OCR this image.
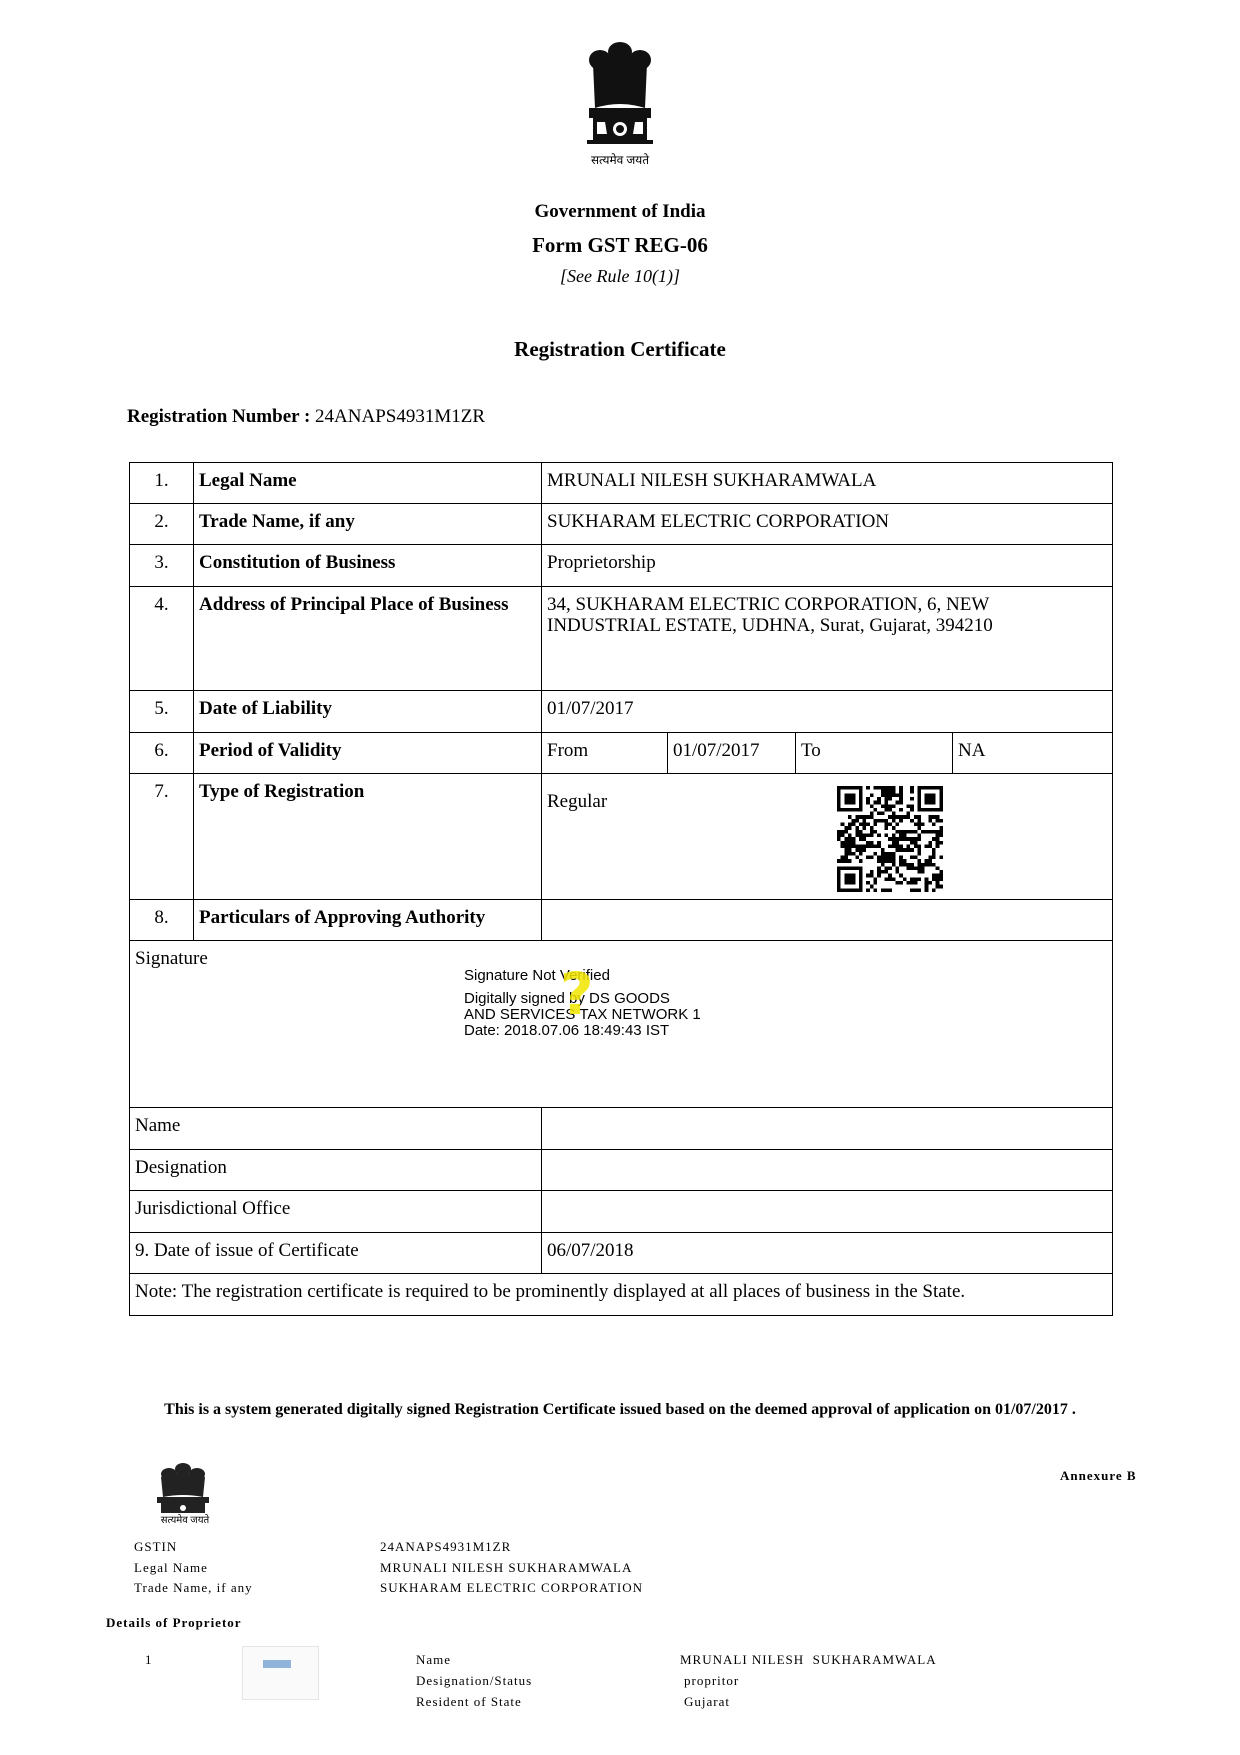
सत्यमेव जयते
Government of India
Form GST REG-06
[See Rule 10(1)]
Registration Certificate
Registration Number : 24ANAPS4931M1ZR
1.	Legal Name	MRUNALI NILESH SUKHARAMWALA			
2.	Trade Name, if any	SUKHARAM ELECTRIC CORPORATION			
3.	Constitution of Business	Proprietorship			
4.	Address of Principal Place of Business	34, SUKHARAM ELECTRIC CORPORATION, 6, NEW INDUSTRIAL ESTATE, UDHNA, Surat, Gujarat, 394210			
5.	Date of Liability	01/07/2017			
6.	Period of Validity	From	01/07/2017	To	NA
7.	Type of Registration	Regular			
8.	Particulars of Approving Authority				
Signature					
Name					
Designation					
Jurisdictional Office					
9. Date of issue of Certificate		06/07/2018			
Note: The registration certificate is required to be prominently displayed at all places of business in the State.					
Signature Not Verified
Digitally signed by DS GOODS
AND SERVICES TAX NETWORK 1
Date: 2018.07.06 18:49:43 IST
?
This is a system generated digitally signed Registration Certificate issued based on the deemed approval of application on 01/07/2017 .
सत्यमेव जयते
Annexure B
GSTIN	24ANAPS4931M1ZR
Legal Name	MRUNALI NILESH SUKHARAMWALA
Trade Name, if any	SUKHARAM ELECTRIC CORPORATION
Details of Proprietor
1	Name	MRUNALI NILESH  SUKHARAMWALA
Designation/Status	propritor
Resident of State	Gujarat
